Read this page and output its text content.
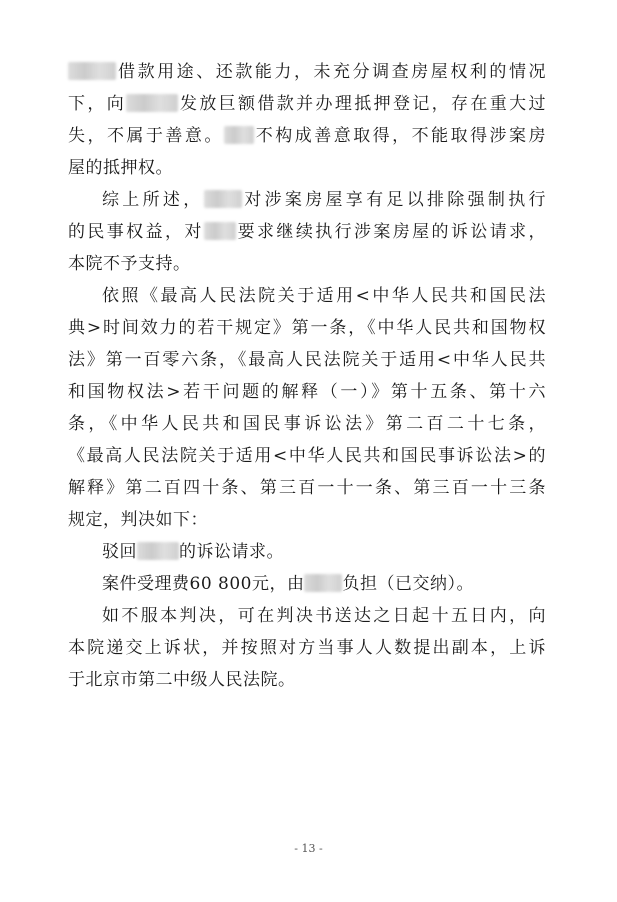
借款用途、还款能力，未充分调查房屋权利的情况
下，向	发放巨额借款并办理抵押登记，存在重大过
失，不属于善意。 不构成善意取得，不能取得涉案房
屋的抵押权。
综上所述， 对涉案房屋享有足以排除强制执行
的民事权益，对 要求继续执行涉案房屋的诉讼请求，
本院不予支持。
依照《最高人民法院关于适用<中华人民共和国民法
典>时间效力的若干规定》第一条，《中华人民共和国物权
法》第一百零六条，《最高人民法院关于适用<中华人民共
和国物权法>若干问题的解释（一）》第十五条、第十六
条，《中华人民共和国民事诉讼法》第二百二十七条，
《最高人民法院关于适用<中华人民共和国民事诉讼法>的
解释》第二百四十条、第三百一十一条、第三百一十三条
规定，判决如下：
驳回 的诉讼请求。
案件受理费60 800元，由 负担（已交纳）。
如不服本判决，可在判决书送达之日起十五日内，向
本院递交上诉状，并按照对方当事人人数提出副本，上诉
于北京市第二中级人民法院。
- 13 -
